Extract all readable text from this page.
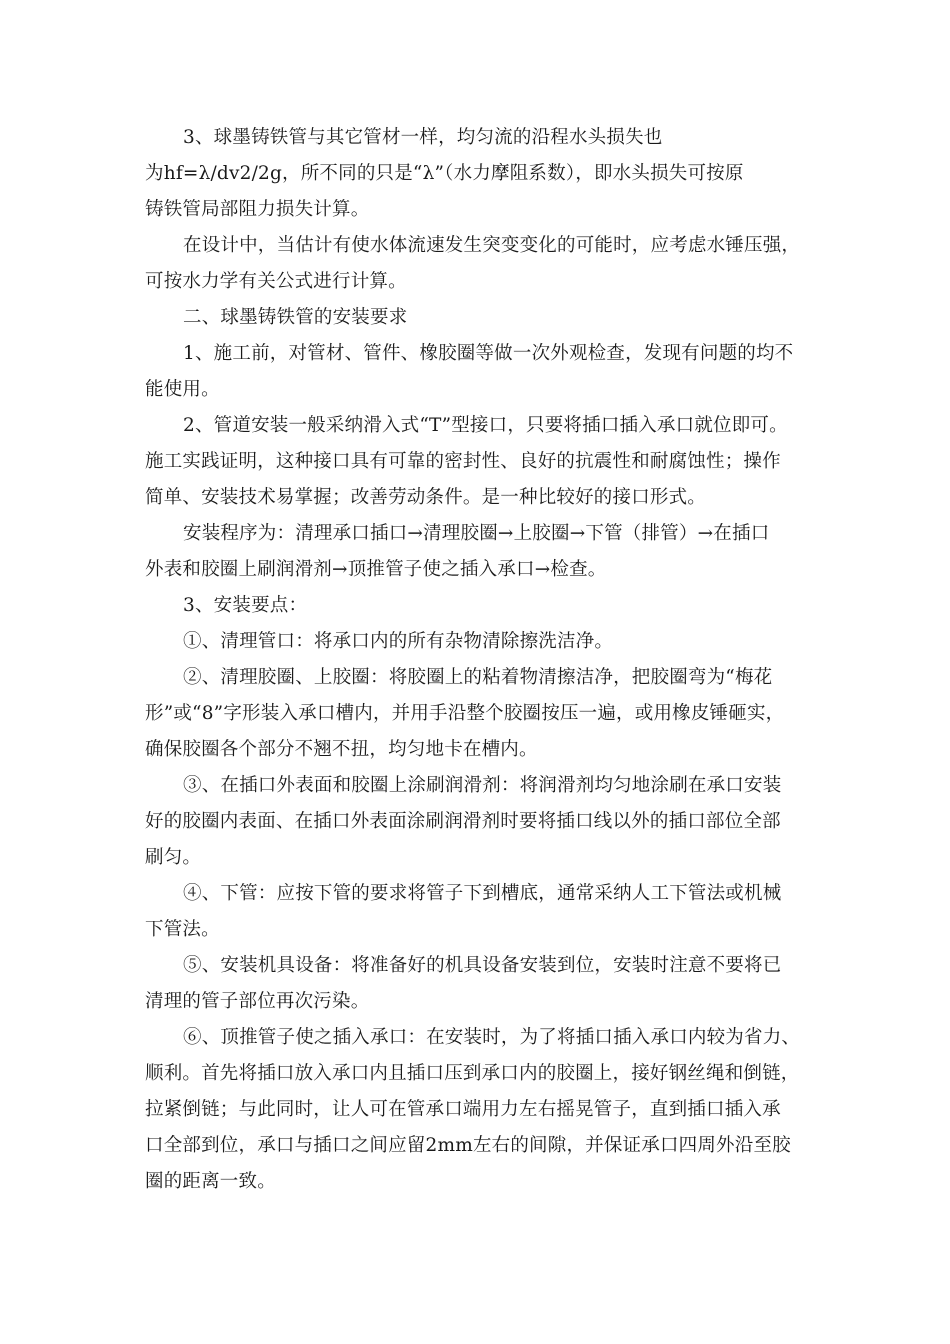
3、球墨铸铁管与其它管材一样，均匀流的沿程水头损失也
为hf=λ/dv2/2g，所不同的只是“λ”（水力摩阻系数），即水头损失可按原
铸铁管局部阻力损失计算。
在设计中，当估计有使水体流速发生突变变化的可能时，应考虑水锤压强，
可按水力学有关公式进行计算。
二、球墨铸铁管的安装要求
1、施工前，对管材、管件、橡胶圈等做一次外观检查，发现有问题的均不
能使用。
2、管道安装一般采纳滑入式“T”型接口，只要将插口插入承口就位即可。
施工实践证明，这种接口具有可靠的密封性、良好的抗震性和耐腐蚀性；操作
简单、安装技术易掌握；改善劳动条件。是一种比较好的接口形式。
安装程序为：清理承口插口→清理胶圈→上胶圈→下管（排管）→在插口
外表和胶圈上刷润滑剂→顶推管子使之插入承口→检查。
3、安装要点：
①、清理管口：将承口内的所有杂物清除擦洗洁净。
②、清理胶圈、上胶圈：将胶圈上的粘着物清擦洁净，把胶圈弯为“梅花
形”或“8”字形装入承口槽内，并用手沿整个胶圈按压一遍，或用橡皮锤砸实，
确保胶圈各个部分不翘不扭，均匀地卡在槽内。
③、在插口外表面和胶圈上涂刷润滑剂：将润滑剂均匀地涂刷在承口安装
好的胶圈内表面、在插口外表面涂刷润滑剂时要将插口线以外的插口部位全部
刷匀。
④、下管：应按下管的要求将管子下到槽底，通常采纳人工下管法或机械
下管法。
⑤、安装机具设备：将准备好的机具设备安装到位，安装时注意不要将已
清理的管子部位再次污染。
⑥、顶推管子使之插入承口：在安装时，为了将插口插入承口内较为省力、
顺利。首先将插口放入承口内且插口压到承口内的胶圈上，接好钢丝绳和倒链，
拉紧倒链；与此同时，让人可在管承口端用力左右摇晃管子，直到插口插入承
口全部到位，承口与插口之间应留2mm左右的间隙，并保证承口四周外沿至胶
圈的距离一致。
